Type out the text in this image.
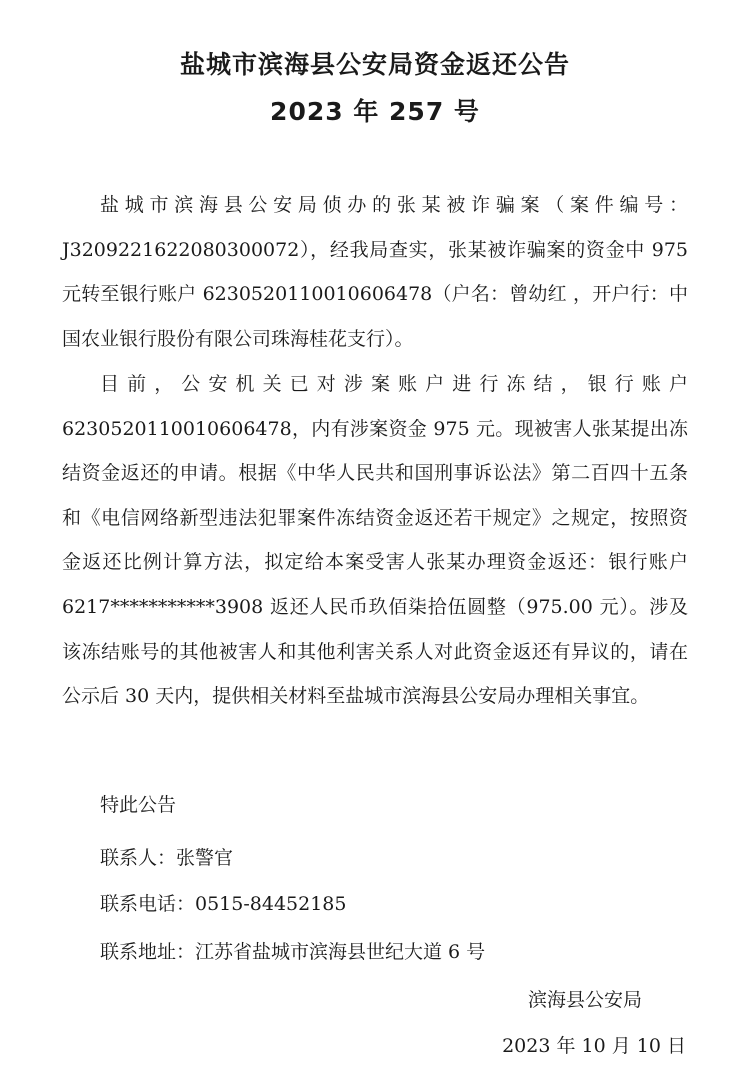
盐城市滨海县公安局资金返还公告
2023 年 257 号

盐城市滨海县公安局侦办的张某被诈骗案（案件编号：J3209221622080300072），经我局查实，张某被诈骗案的资金中 975 元转至银行账户 6230520110010606478（户名：曾幼红 ，开户行：中国农业银行股份有限公司珠海桂花支行）。

目前，公安机关已对涉案账户进行冻结，银行账户 6230520110010606478，内有涉案资金 975 元。现被害人张某提出冻结资金返还的申请。根据《中华人民共和国刑事诉讼法》第二百四十五条和《电信网络新型违法犯罪案件冻结资金返还若干规定》之规定，按照资金返还比例计算方法，拟定给本案受害人张某办理资金返还：银行账户 6217***********3908 返还人民币玖佰柒拾伍圆整（975.00 元）。涉及该冻结账号的其他被害人和其他利害关系人对此资金返还有异议的，请在公示后 30 天内，提供相关材料至盐城市滨海县公安局办理相关事宜。

特此公告
联系人：张警官
联系电话：0515-84452185
联系地址：江苏省盐城市滨海县世纪大道 6 号
滨海县公安局
2023 年 10 月 10 日
